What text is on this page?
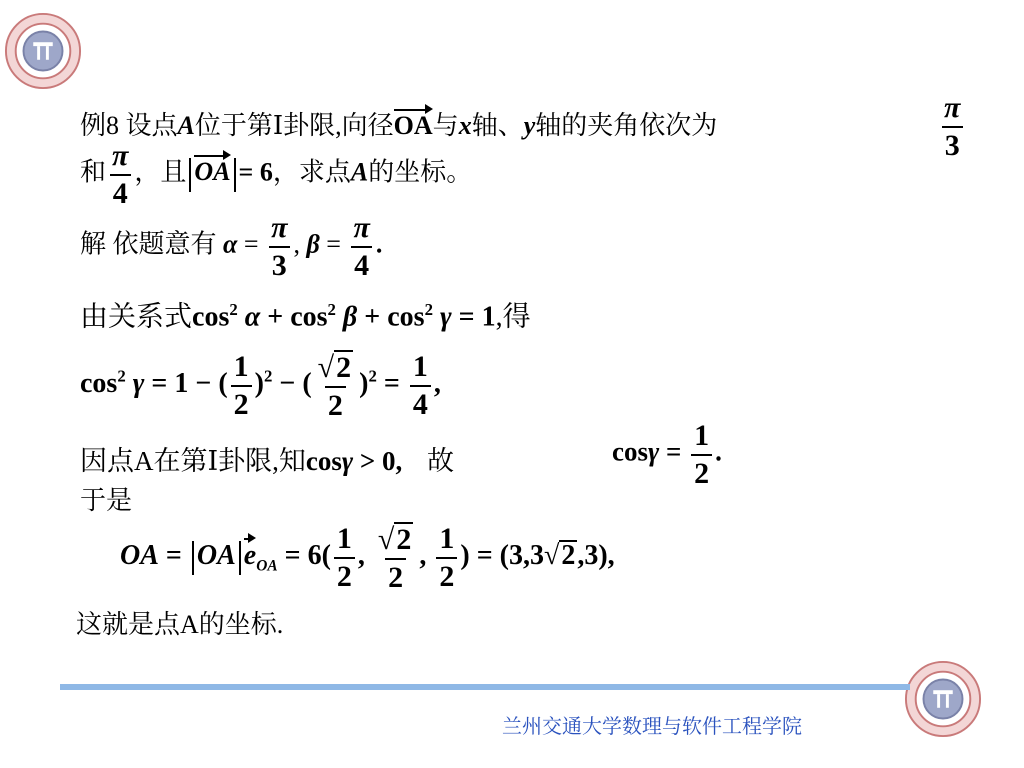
例8 设点A位于第Ⅰ卦限,向径OA与x轴、y轴的夹角依次为	$\frac{\pi}{3}$
和 $\frac{\pi}{4}$ ，且 OA = 6，求点A的坐标。
解 依题意有 $\alpha = \frac{\pi}{3}$ , $\beta = \frac{\pi}{4}$ .
由关系式$\cos^2 \alpha + \cos^2 \beta + \cos^2 \gamma = 1$,得
$\cos^2 \gamma = 1$ − ( $\frac{1}{2} )^2$ − ( $\frac{√2}{2} )^2 = \frac{1}{4}$ ,
因点A在第Ⅰ卦限,知cosγ > 0, 故	$\cos\gamma = \frac{1}{2}$ .
于是
OA = OA $e_{OA} = 6( \frac{1}{2}$ , $\frac{√2}{2}$ , $\frac{1}{2}$ ) = (3,3√2,3),
这就是点A的坐标.
兰州交通大学数理与软件工程学院
